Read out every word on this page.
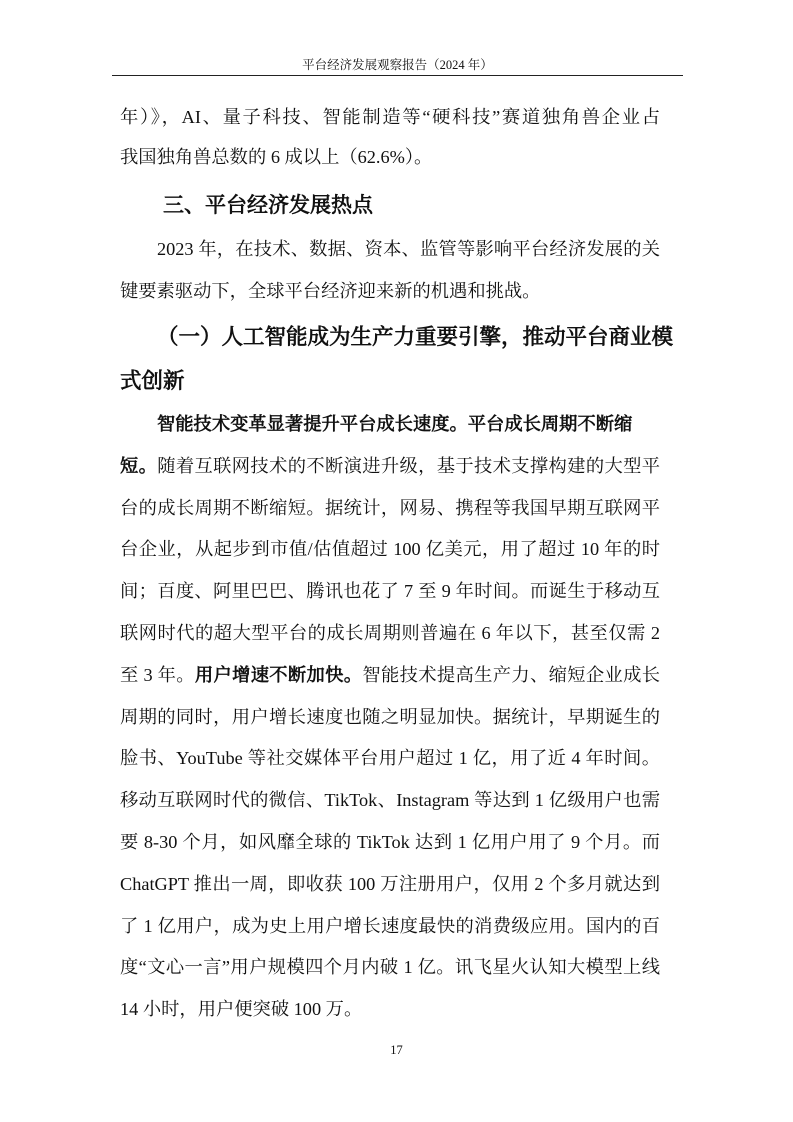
平台经济发展观察报告（2024 年）

年）》，AI、量子科技、智能制造等“硬科技”赛道独角兽企业占
我国独角兽总数的 6 成以上（62.6%）。

三、平台经济发展热点

2023 年，在技术、数据、资本、监管等影响平台经济发展的关
键要素驱动下，全球平台经济迎来新的机遇和挑战。

（一）人工智能成为生产力重要引擎，推动平台商业模
式创新

智能技术变革显著提升平台成长速度。平台成长周期不断缩
短。随着互联网技术的不断演进升级，基于技术支撑构建的大型平
台的成长周期不断缩短。据统计，网易、携程等我国早期互联网平
台企业，从起步到市值/估值超过 100 亿美元，用了超过 10 年的时
间；百度、阿里巴巴、腾讯也花了 7 至 9 年时间。而诞生于移动互
联网时代的超大型平台的成长周期则普遍在 6 年以下，甚至仅需 2
至 3 年。用户增速不断加快。智能技术提高生产力、缩短企业成长
周期的同时，用户增长速度也随之明显加快。据统计，早期诞生的
脸书、YouTube 等社交媒体平台用户超过 1 亿，用了近 4 年时间。
移动互联网时代的微信、TikTok、Instagram 等达到 1 亿级用户也需
要 8-30 个月，如风靡全球的 TikTok 达到 1 亿用户用了 9 个月。而
ChatGPT 推出一周，即收获 100 万注册用户，仅用 2 个多月就达到
了 1 亿用户，成为史上用户增长速度最快的消费级应用。国内的百
度“文心一言”用户规模四个月内破 1 亿。讯飞星火认知大模型上线
14 小时，用户便突破 100 万。

17
